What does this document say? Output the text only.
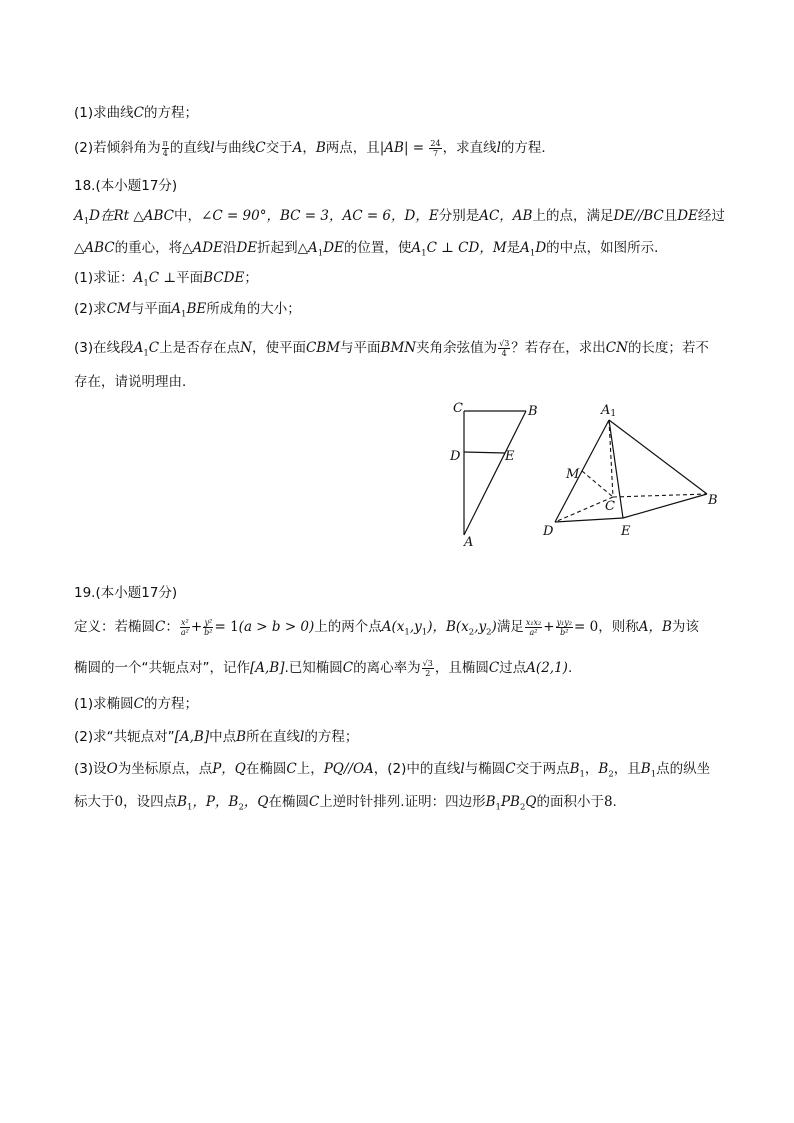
(1)求曲线C的方程；
(2)若倾斜角为 $\frac{\pi}{4}$ 的直线l与曲线C交于A，B两点，且$|AB| = \frac{24}{7}$ ，求直线l的方程．
18.(本小题17分)
$A_1D$在Rt △ABC中，∠C = 90°，BC = 3，AC = 6，D，E分别是AC，AB上的点，满足DE//BC且DE经过
△ABC的重心，将△ADE沿DE折起到$\triangle A_1DE$的位置，使$A_1C$ ⊥ CD，M是$A_1D$的中点，如图所示．
(1)求证：$A_1C$ ⊥平面BCDE；
(2)求CM与平面$A_1BE$所成角的大小；
(3)在线段$A_1C$上是否存在点N，使平面CBM与平面BMN夹角余弦值为 $\frac{√3}{4}$ ？若存在，求出CN的长度；若不
存在，请说明理由．
C	B
D	E
A
A1
M
C	B
D	E
19.(本小题17分)
定义：若椭圆C： $\frac{\text{x²}}{\text{a²}} + \frac{\text{y²}}{\text{b²}} = 1(a > b > 0)$上的两个点$A(x_1,y_1)$，$B(x_2,y_2)$满足 $\frac{\text{x₁x₂}}{\text{a²}} + \frac{\text{y₁y₂}}{\text{b²}} = 0$，则称A，B为该
椭圆的一个“共轭点对”，记作[A,B].已知椭圆C的离心率为 $\frac{√3}{2}$ ，且椭圆C过点A(2,1).
(1)求椭圆C的方程；
(2)求“共轭点对”[A,B]中点B所在直线l的方程；
(3)设O为坐标原点，点P，Q在椭圆C上，PQ//OA，(2)中的直线l与椭圆C交于两点$B_1$，$B_2$，且$B_1$点的纵坐
标大于0，设四点$B_1$，P，$B_2$，Q在椭圆C上逆时针排列.证明：四边形$B_1PB_2Q$的面积小于8.
